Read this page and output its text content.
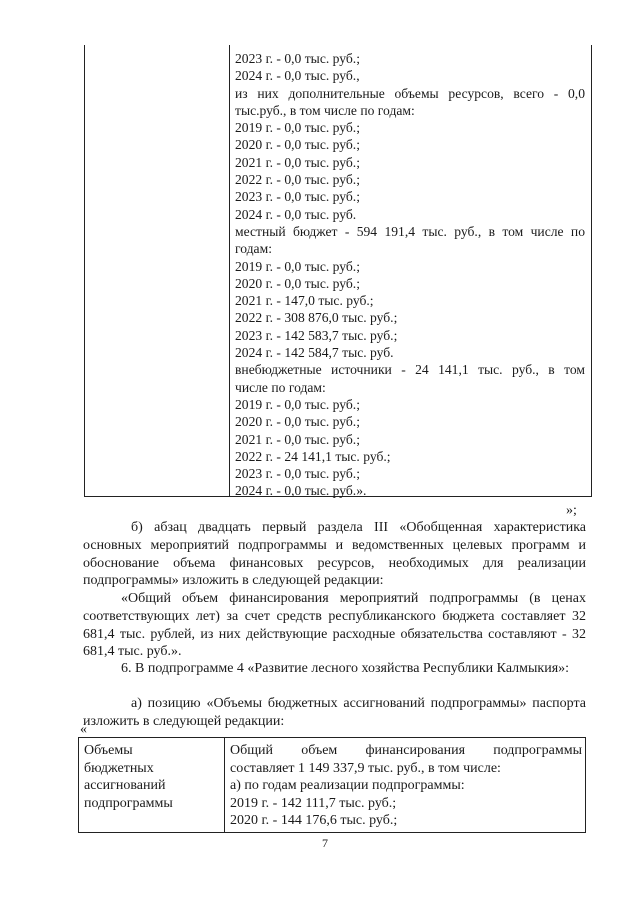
2023 г. - 0,0 тыс. руб.;
2024 г. - 0,0 тыс. руб.,
из них дополнительные объемы ресурсов, всего - 0,0
тыс.руб., в том числе по годам:
2019 г. - 0,0 тыс. руб.;
2020 г. - 0,0 тыс. руб.;
2021 г. - 0,0 тыс. руб.;
2022 г. - 0,0 тыс. руб.;
2023 г. - 0,0 тыс. руб.;
2024 г. - 0,0 тыс. руб.
местный бюджет - 594 191,4 тыс. руб., в том числе по
годам:
2019 г. - 0,0 тыс. руб.;
2020 г. - 0,0 тыс. руб.;
2021 г. - 147,0 тыс. руб.;
2022 г. - 308 876,0 тыс. руб.;
2023 г. - 142 583,7 тыс. руб.;
2024 г. - 142 584,7 тыс. руб.
внебюджетные источники - 24 141,1 тыс. руб., в том
числе по годам:
2019 г. - 0,0 тыс. руб.;
2020 г. - 0,0 тыс. руб.;
2021 г. - 0,0 тыс. руб.;
2022 г. - 24 141,1 тыс. руб.;
2023 г. - 0,0 тыс. руб.;
2024 г. - 0,0 тыс. руб.».
»;
б) абзац двадцать первый раздела III «Обобщенная характеристика основных мероприятий подпрограммы и ведомственных целевых программ и обоснование объема финансовых ресурсов, необходимых для реализации подпрограммы» изложить в следующей редакции:
«Общий объем финансирования мероприятий подпрограммы (в ценах соответствующих лет) за счет средств республиканского бюджета составляет 32 681,4 тыс. рублей, из них действующие расходные обязательства составляют - 32 681,4 тыс. руб.».
6. В подпрограмме 4 «Развитие лесного хозяйства Республики Калмыкия»:
а) позицию «Объемы бюджетных ассигнований подпрограммы» паспорта изложить в следующей редакции:
«
Объемы
бюджетных
ассигнований
подпрограммы
Общий объем финансирования подпрограммы
составляет 1 149 337,9 тыс. руб., в том числе:
а) по годам реализации подпрограммы:
2019 г. - 142 111,7 тыс. руб.;
2020 г. - 144 176,6 тыс. руб.;
7
